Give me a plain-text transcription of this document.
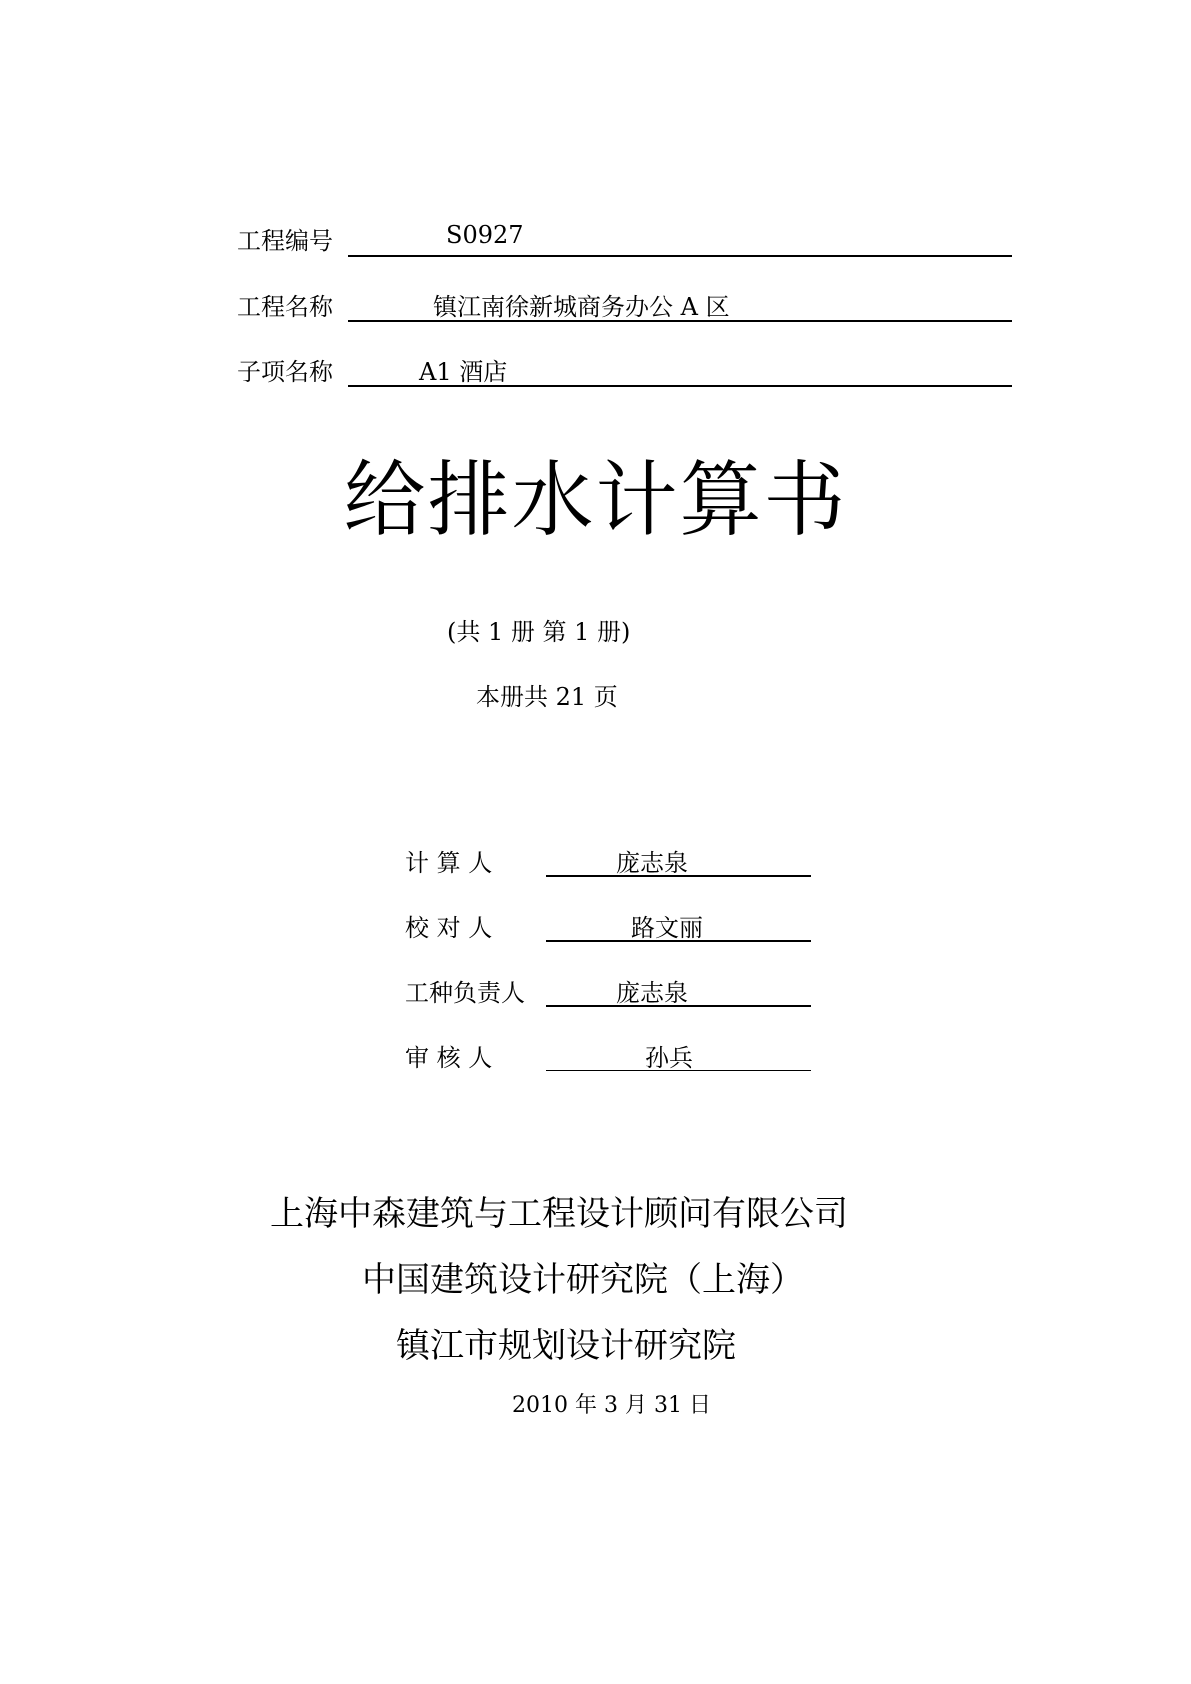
工程编号	S0927
工程名称	镇江南徐新城商务办公 A 区
子项名称	A1 酒店
给排水计算书
(共 1 册 第 1 册)
本册共 21 页
计 算 人	庞志泉
校 对 人	路文丽
工种负责人	庞志泉
审 核 人	孙兵
上海中森建筑与工程设计顾问有限公司
中国建筑设计研究院（上海）
镇江市规划设计研究院
2010 年 3 月 31 日
